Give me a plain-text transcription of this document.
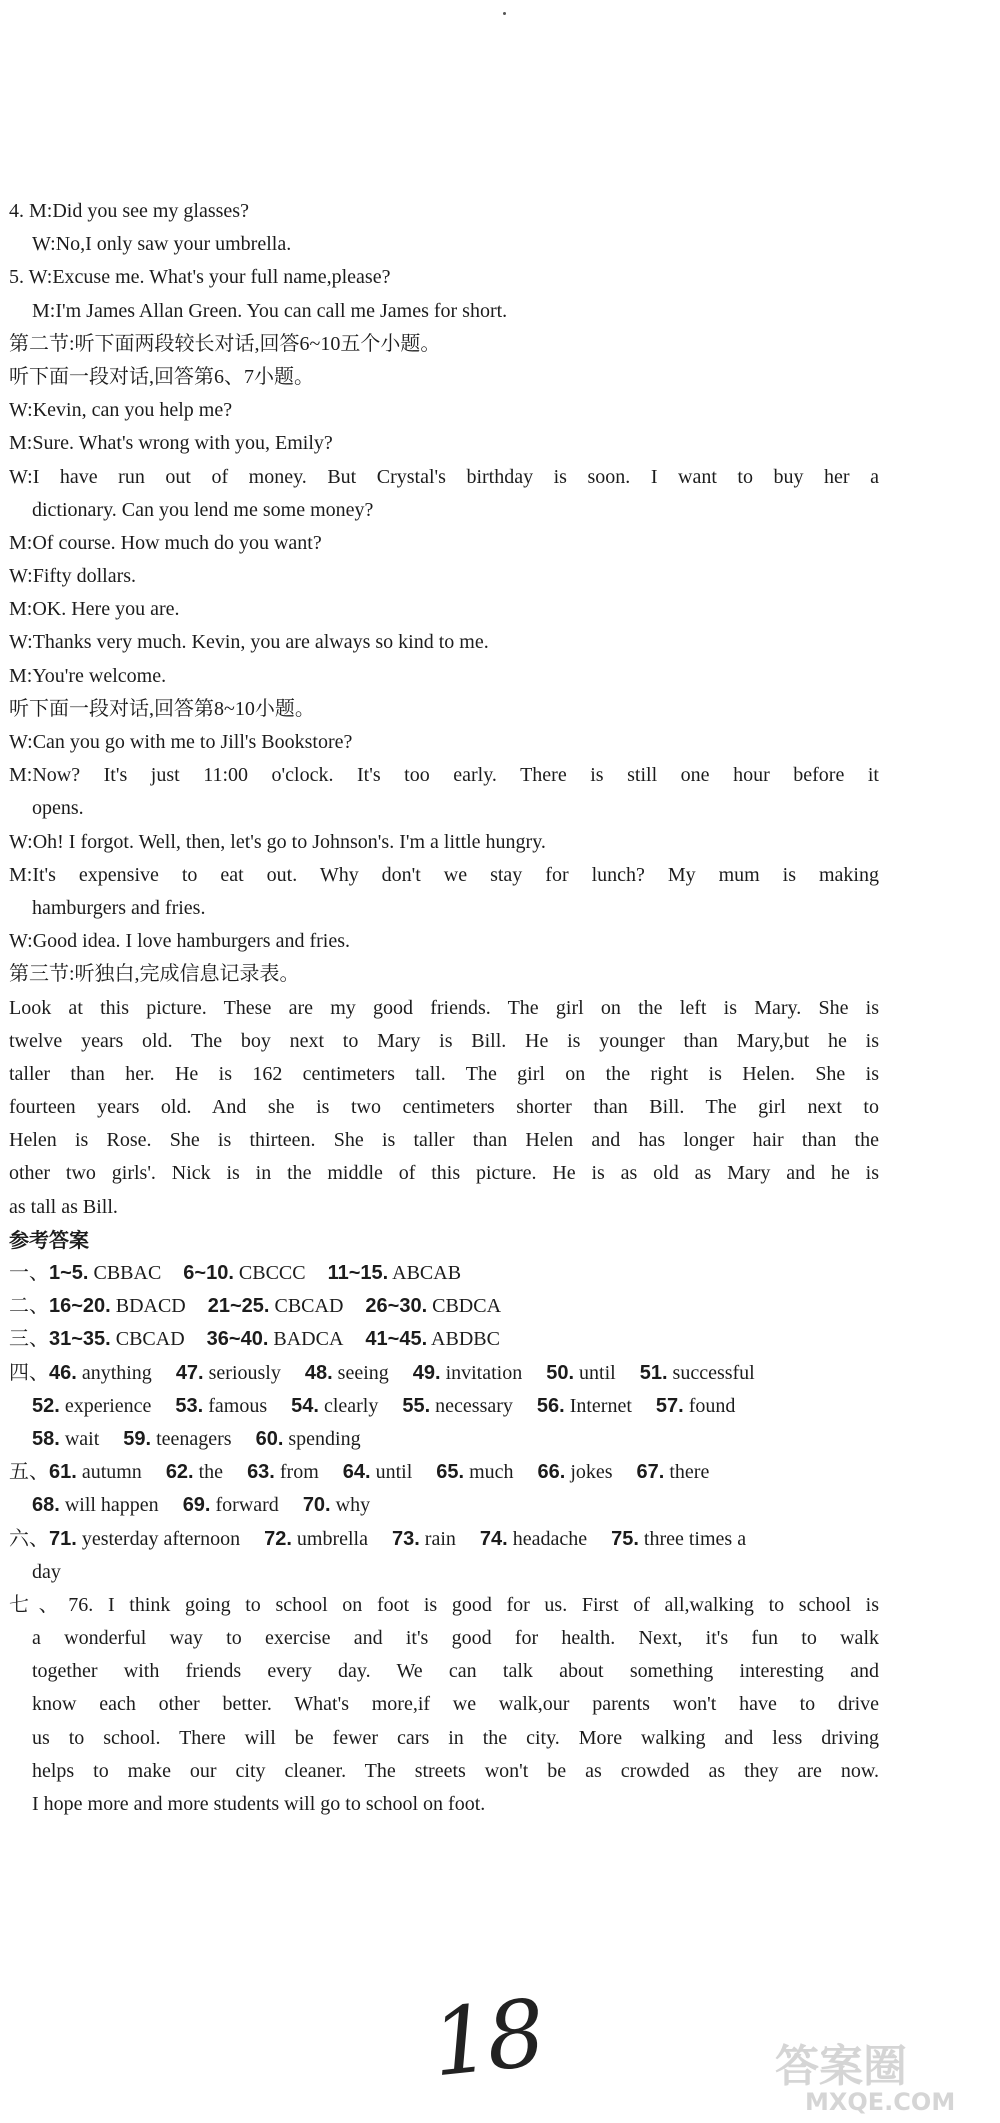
4. M:Did you see my glasses?
W:No,I only saw your umbrella.
5. W:Excuse me. What's your full name,please?
M:I'm James Allan Green. You can call me James for short.
第二节:听下面两段较长对话,回答6~10五个小题。
听下面一段对话,回答第6、7小题。
W:Kevin, can you help me?
M:Sure. What's wrong with you, Emily?
W:I have run out of money. But Crystal's birthday is soon. I want to buy her a
dictionary. Can you lend me some money?
M:Of course. How much do you want?
W:Fifty dollars.
M:OK. Here you are.
W:Thanks very much. Kevin, you are always so kind to me.
M:You're welcome.
听下面一段对话,回答第8~10小题。
W:Can you go with me to Jill's Bookstore?
M:Now? It's just 11:00 o'clock. It's too early. There is still one hour before it
opens.
W:Oh! I forgot. Well, then, let's go to Johnson's. I'm a little hungry.
M:It's expensive to eat out. Why don't we stay for lunch? My mum is making
hamburgers and fries.
W:Good idea. I love hamburgers and fries.
第三节:听独白,完成信息记录表。
Look at this picture. These are my good friends. The girl on the left is Mary. She is
twelve years old. The boy next to Mary is Bill. He is younger than Mary,but he is
taller than her. He is 162 centimeters tall. The girl on the right is Helen. She is
fourteen years old. And she is two centimeters shorter than Bill. The girl next to
Helen is Rose. She is thirteen. She is taller than Helen and has longer hair than the
other two girls'. Nick is in the middle of this picture. He is as old as Mary and he is
as tall as Bill.
参考答案
一、1~5. CBBAC 6~10. CBCCC 11~15. ABCAB
二、16~20. BDACD 21~25. CBCAD 26~30. CBDCA
三、31~35. CBCAD 36~40. BADCA 41~45. ABDBC
四、46. anything 47. seriously 48. seeing 49. invitation 50. until 51. successful
52. experience 53. famous 54. clearly 55. necessary 56. Internet 57. found
58. wait 59. teenagers 60. spending
五、61. autumn 62. the 63. from 64. until 65. much 66. jokes 67. there
68. will happen 69. forward 70. why
六、71. yesterday afternoon 72. umbrella 73. rain 74. headache 75. three times a
day
七、76. I think going to school on foot is good for us. First of all,walking to school is
a wonderful way to exercise and it's good for health. Next, it's fun to walk
together with friends every day. We can talk about something interesting and
know each other better. What's more,if we walk,our parents won't have to drive
us to school. There will be fewer cars in the city. More walking and less driving
helps to make our city cleaner. The streets won't be as crowded as they are now.
I hope more and more students will go to school on foot.
18	答案圈
MXQE.COM
